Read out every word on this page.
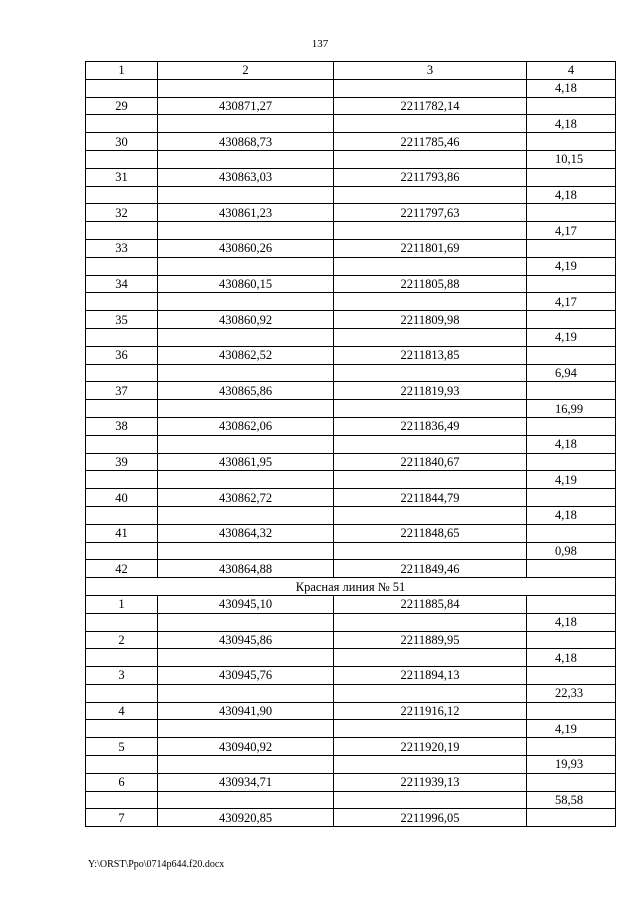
137
1	2	3	4
			4,18
29	430871,27	2211782,14	
			4,18
30	430868,73	2211785,46	
			10,15
31	430863,03	2211793,86	
			4,18
32	430861,23	2211797,63	
			4,17
33	430860,26	2211801,69	
			4,19
34	430860,15	2211805,88	
			4,17
35	430860,92	2211809,98	
			4,19
36	430862,52	2211813,85	
			6,94
37	430865,86	2211819,93	
			16,99
38	430862,06	2211836,49	
			4,18
39	430861,95	2211840,67	
			4,19
40	430862,72	2211844,79	
			4,18
41	430864,32	2211848,65	
			0,98
42	430864,88	2211849,46	
Красная линия № 51			
1	430945,10	2211885,84	
			4,18
2	430945,86	2211889,95	
			4,18
3	430945,76	2211894,13	
			22,33
4	430941,90	2211916,12	
			4,19
5	430940,92	2211920,19	
			19,93
6	430934,71	2211939,13	
			58,58
7	430920,85	2211996,05	
Y:\ORST\Ppo\0714p644.f20.docx
